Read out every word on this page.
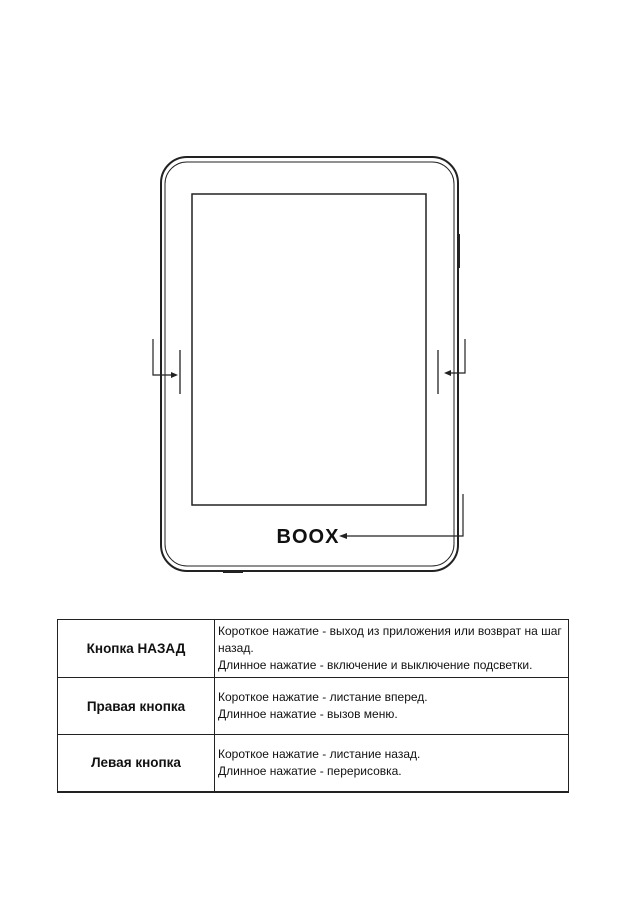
BOOX
Кнопка НАЗАД	Короткое нажатие - выход из приложения или возврат на шаг назад.
Длинное нажатие - включение и выключение подсветки.

Правая кнопка	Короткое нажатие - листание вперед.
Длинное нажатие - вызов меню.

Левая кнопка	Короткое нажатие - листание назад.
Длинное нажатие - перерисовка.
